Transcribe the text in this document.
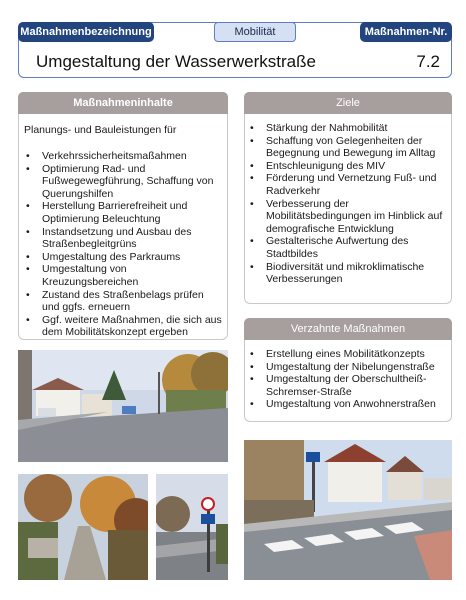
Maßnahmenbezeichnung	Mobilität	Maßnahmen-Nr.
Umgestaltung der Wasserwerkstraße	7.2
Maßnahmeninhalte
Planungs- und Bauleistungen für
• Verkehrssicherheitsmaßahmen
• Optimierung Rad- und Fußwegewegführung, Schaffung von Querungshilfen
• Herstellung Barrierefreiheit und Optimierung Beleuchtung
• Instandsetzung und Ausbau des Straßenbegleitgrüns
• Umgestaltung des Parkraums
• Umgestaltung von Kreuzungsbereichen
• Zustand des Straßenbelags prüfen und ggfs. erneuern
• Ggf. weitere Maßnahmen, die sich aus dem Mobilitätskonzept ergeben
Ziele
• Stärkung der Nahmobilität
• Schaffung von Gelegenheiten der Begegnung und Bewegung im Alltag
• Entschleunigung des MIV
• Förderung und Vernetzung Fuß- und Radverkehr
• Verbesserung der Mobilitätsbedingungen im Hinblick auf demografische Entwicklung
• Gestalterische Aufwertung des Stadtbildes
• Biodiversität und mikroklimatische Verbesserungen
Verzahnte Maßnahmen
• Erstellung eines Mobilitätkonzepts
• Umgestaltung der Nibelungenstraße
• Umgestaltung der Oberschultheiß-Schremser-Straße
• Umgestaltung von Anwohnerstraßen
